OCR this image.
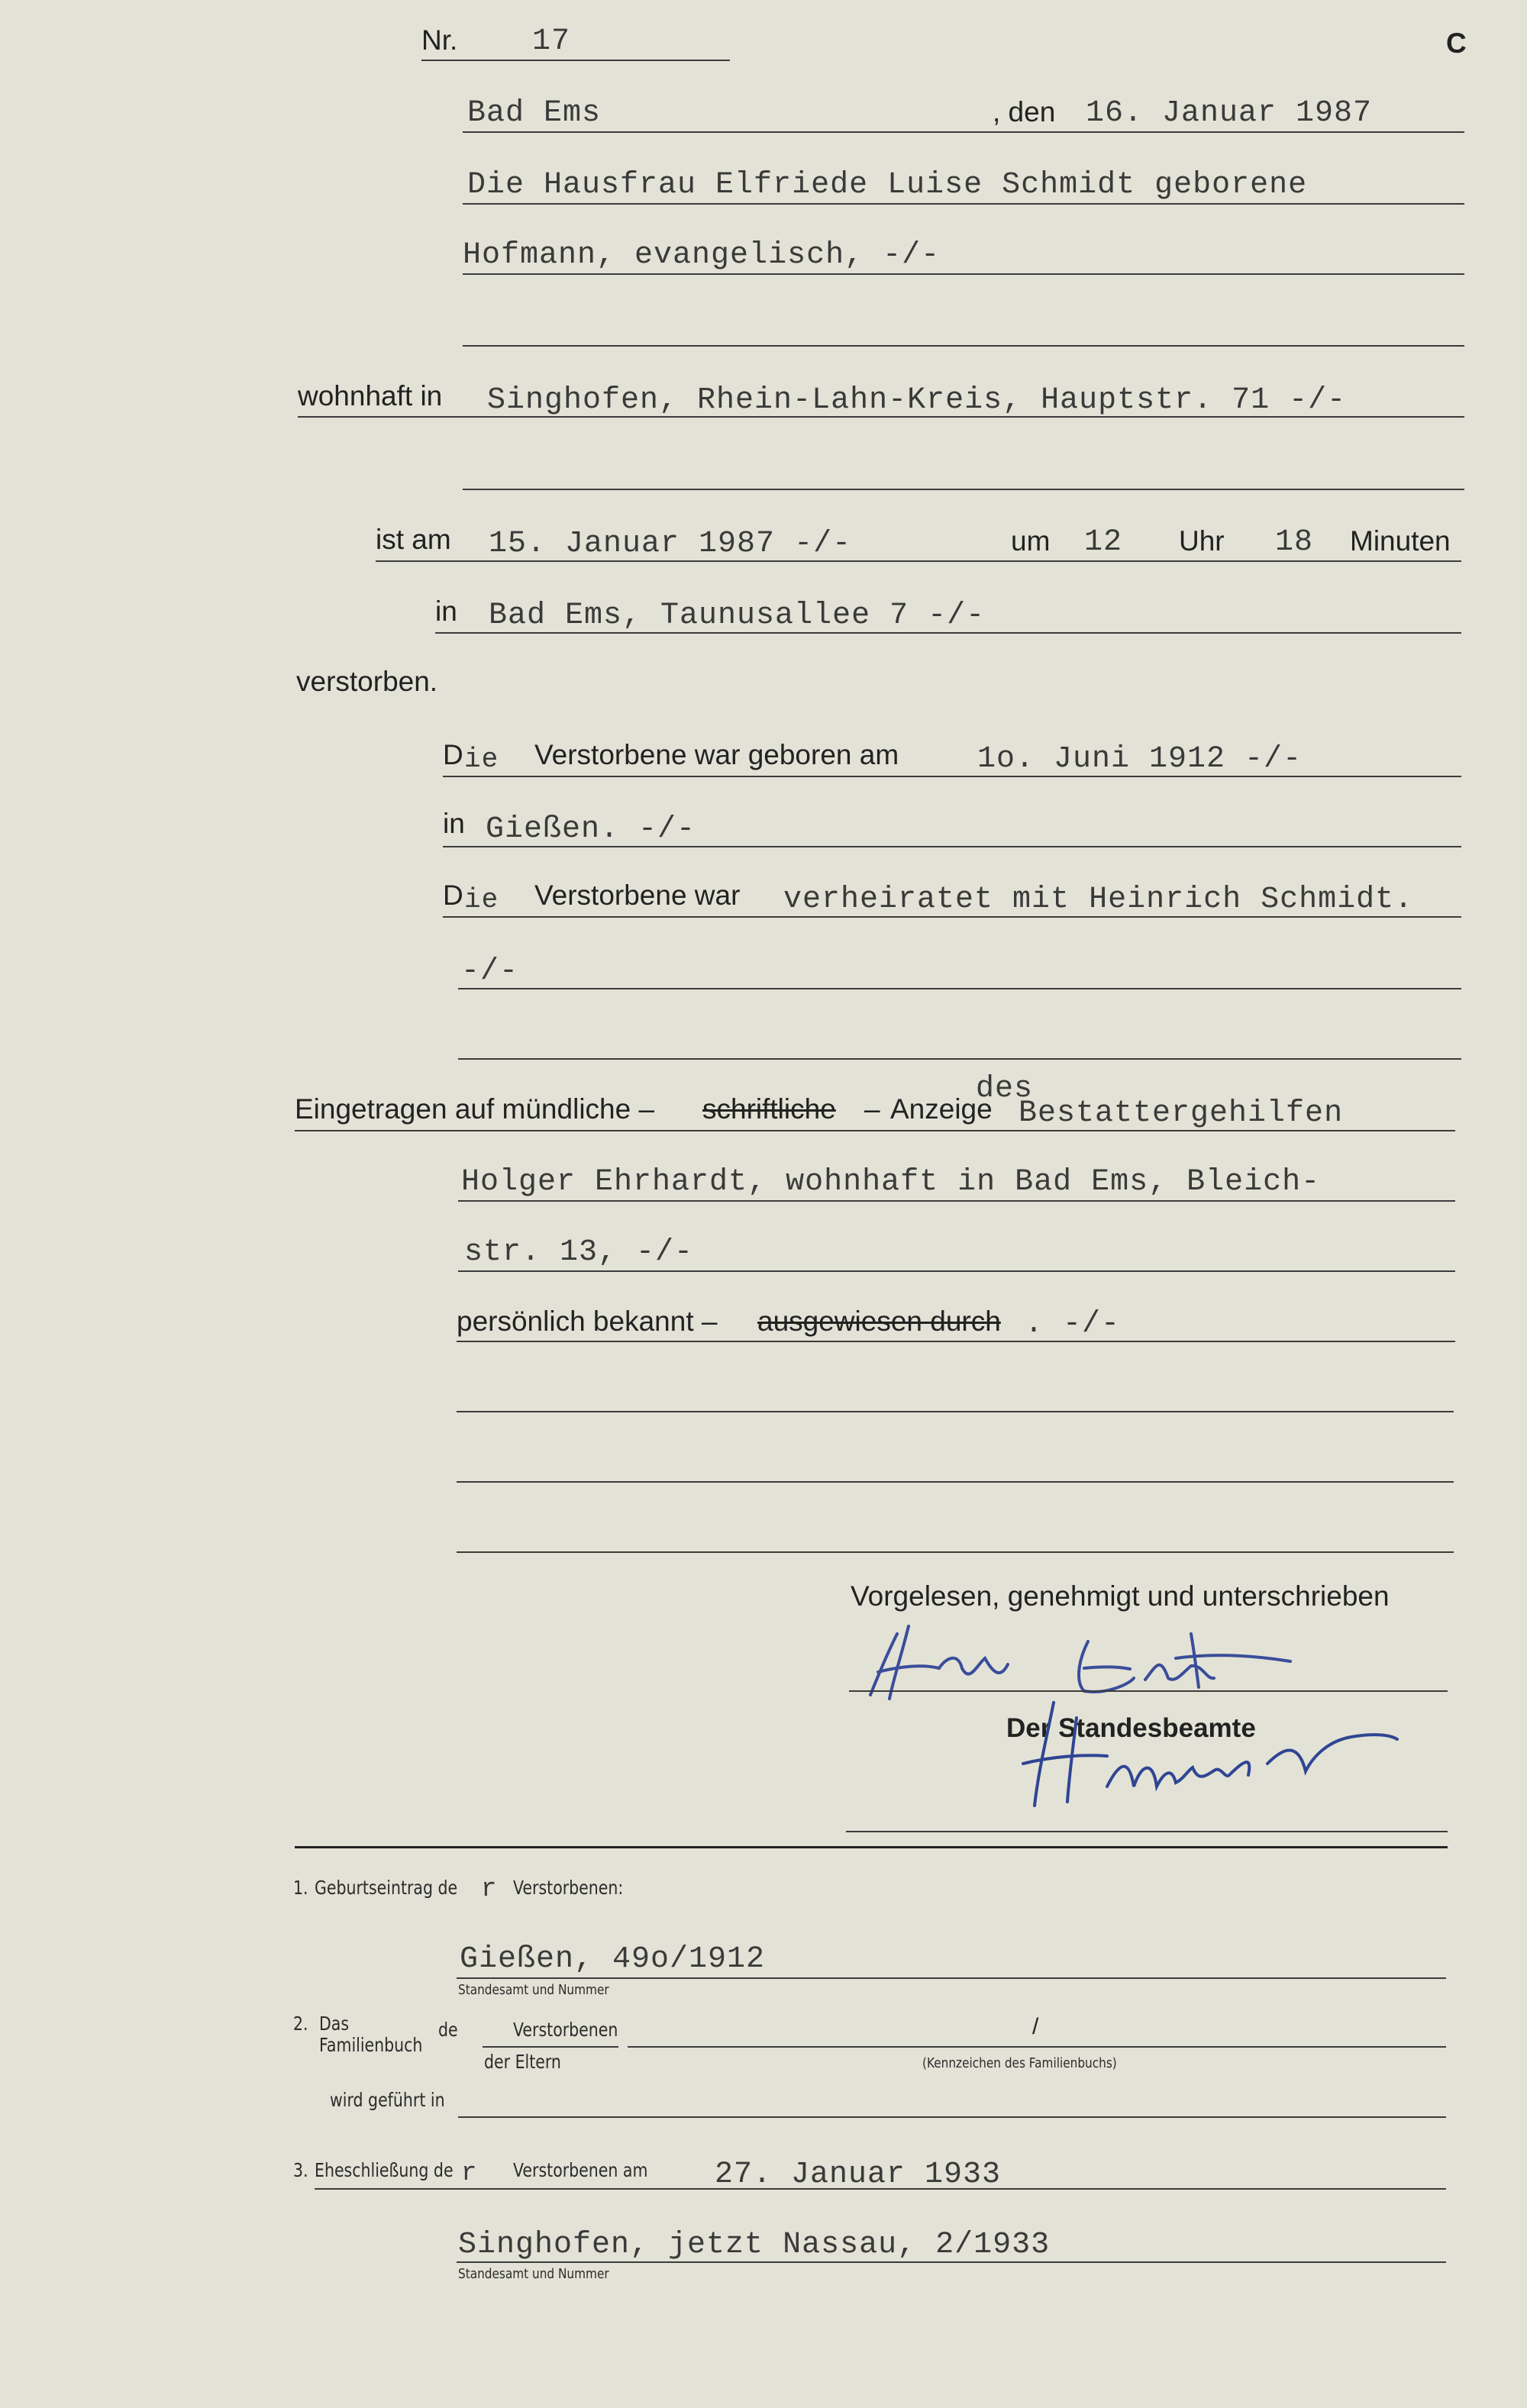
Nr. 17	C
Bad Ems	, den 16. Januar 1987
Die Hausfrau Elfriede Luise Schmidt geborene
Hofmann, evangelisch, -/-
wohnhaft in Singhofen, Rhein-Lahn-Kreis, Hauptstr. 71 -/-
ist am 15. Januar 1987 -/-	um 12 Uhr 18 Minuten
in Bad Ems, Taunusallee 7 -/-
verstorben.
D ie Verstorbene war geboren am	1o. Juni 1912 -/-
in Gießen. -/-
D ie Verstorbene war verheiratet mit Heinrich Schmidt.
-/-
des
Eingetragen auf mündliche – schriftliche – Anzeige Bestattergehilfen
Holger Ehrhardt, wohnhaft in Bad Ems, Bleich-
str. 13, -/-
persönlich bekannt – ausgewiesen durch . -/-
Vorgelesen, genehmigt und unterschrieben
Der Standesbeamte
1. Geburtseintrag de r Verstorbenen:
Gießen, 49o/1912
Standesamt und Nummer
2. Das
Familienbuch
de	Verstorbenen	/
der Eltern	(Kennzeichen des Familienbuchs)
wird geführt in
3. Eheschließung de r Verstorbenen am 27. Januar 1933
Singhofen, jetzt Nassau, 2/1933
Standesamt und Nummer
